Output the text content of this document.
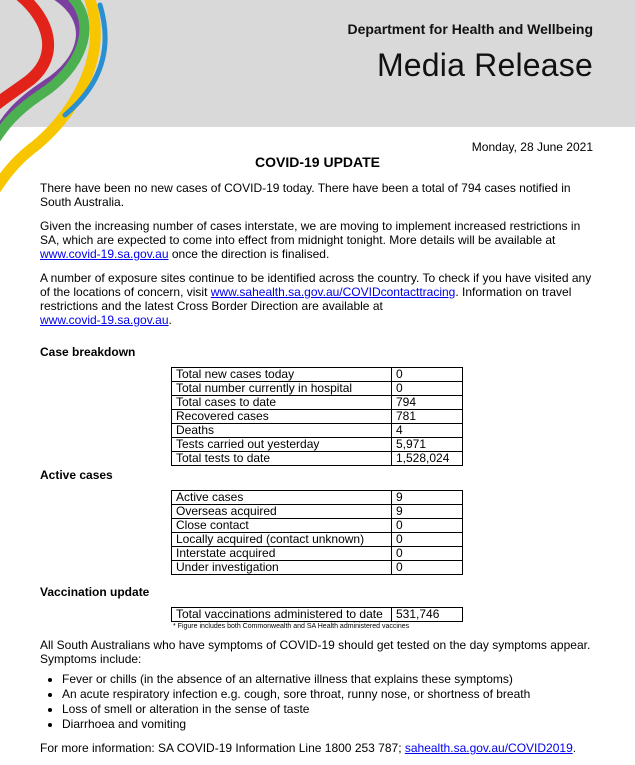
Department for Health and Wellbeing
Media Release
Monday, 28 June 2021
COVID-19 UPDATE

There have been no new cases of COVID-19 today. There have been a total of 794 cases notified in South Australia.

Given the increasing number of cases interstate, we are moving to implement increased restrictions in SA, which are expected to come into effect from midnight tonight. More details will be available at www.covid-19.sa.gov.au once the direction is finalised.

A number of exposure sites continue to be identified across the country. To check if you have visited any of the locations of concern, visit www.sahealth.sa.gov.au/COVIDcontacttracing. Information on travel restrictions and the latest Cross Border Direction are available at
www.covid-19.sa.gov.au.

Case breakdown
Total new cases today	0
Total number currently in hospital	0
Total cases to date	794
Recovered cases	781
Deaths	4
Tests carried out yesterday	5,971
Total tests to date	1,528,024
Active cases
Active cases	9
Overseas acquired	9
Close contact	0
Locally acquired (contact unknown)	0
Interstate acquired	0
Under investigation	0
Vaccination update
Total vaccinations administered to date	531,746
* Figure includes both Commonwealth and SA Health administered vaccines

All South Australians who have symptoms of COVID-19 should get tested on the day symptoms appear. Symptoms include:

• Fever or chills (in the absence of an alternative illness that explains these symptoms)
• An acute respiratory infection e.g. cough, sore throat, runny nose, or shortness of breath
• Loss of smell or alteration in the sense of taste
• Diarrhoea and vomiting

For more information: SA COVID-19 Information Line 1800 253 787; sahealth.sa.gov.au/COVID2019.
